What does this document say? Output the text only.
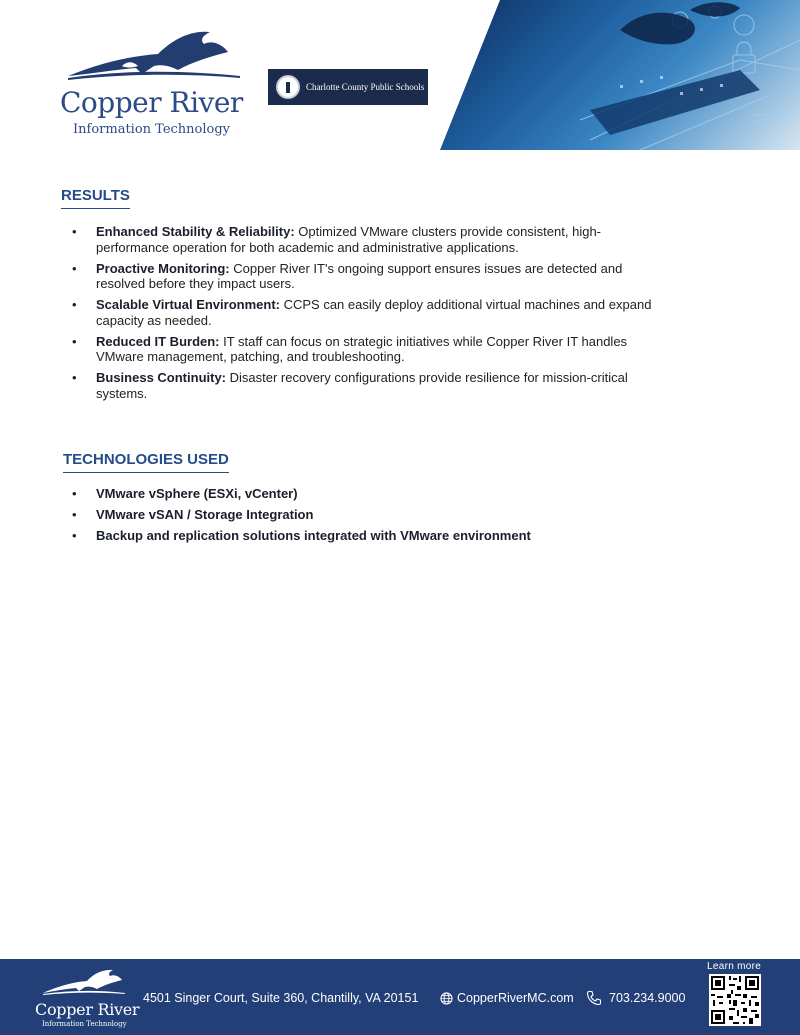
Copper River
Information Technology
Charlotte County Public Schools
RESULTS
• Enhanced Stability & Reliability: Optimized VMware clusters provide consistent, high-performance operation for both academic and administrative applications.
• Proactive Monitoring: Copper River IT's ongoing support ensures issues are detected and resolved before they impact users.
• Scalable Virtual Environment: CCPS can easily deploy additional virtual machines and expand capacity as needed.
• Reduced IT Burden: IT staff can focus on strategic initiatives while Copper River IT handles VMware management, patching, and troubleshooting.
• Business Continuity: Disaster recovery configurations provide resilience for mission-critical systems.
TECHNOLOGIES USED
• VMware vSphere (ESXi, vCenter)
• VMware vSAN / Storage Integration
• Backup and replication solutions integrated with VMware environment
Copper River
Information Technology
4501 Singer Court, Suite 360, Chantilly, VA 20151	CopperRiverMC.com	703.234.9000
Learn more
